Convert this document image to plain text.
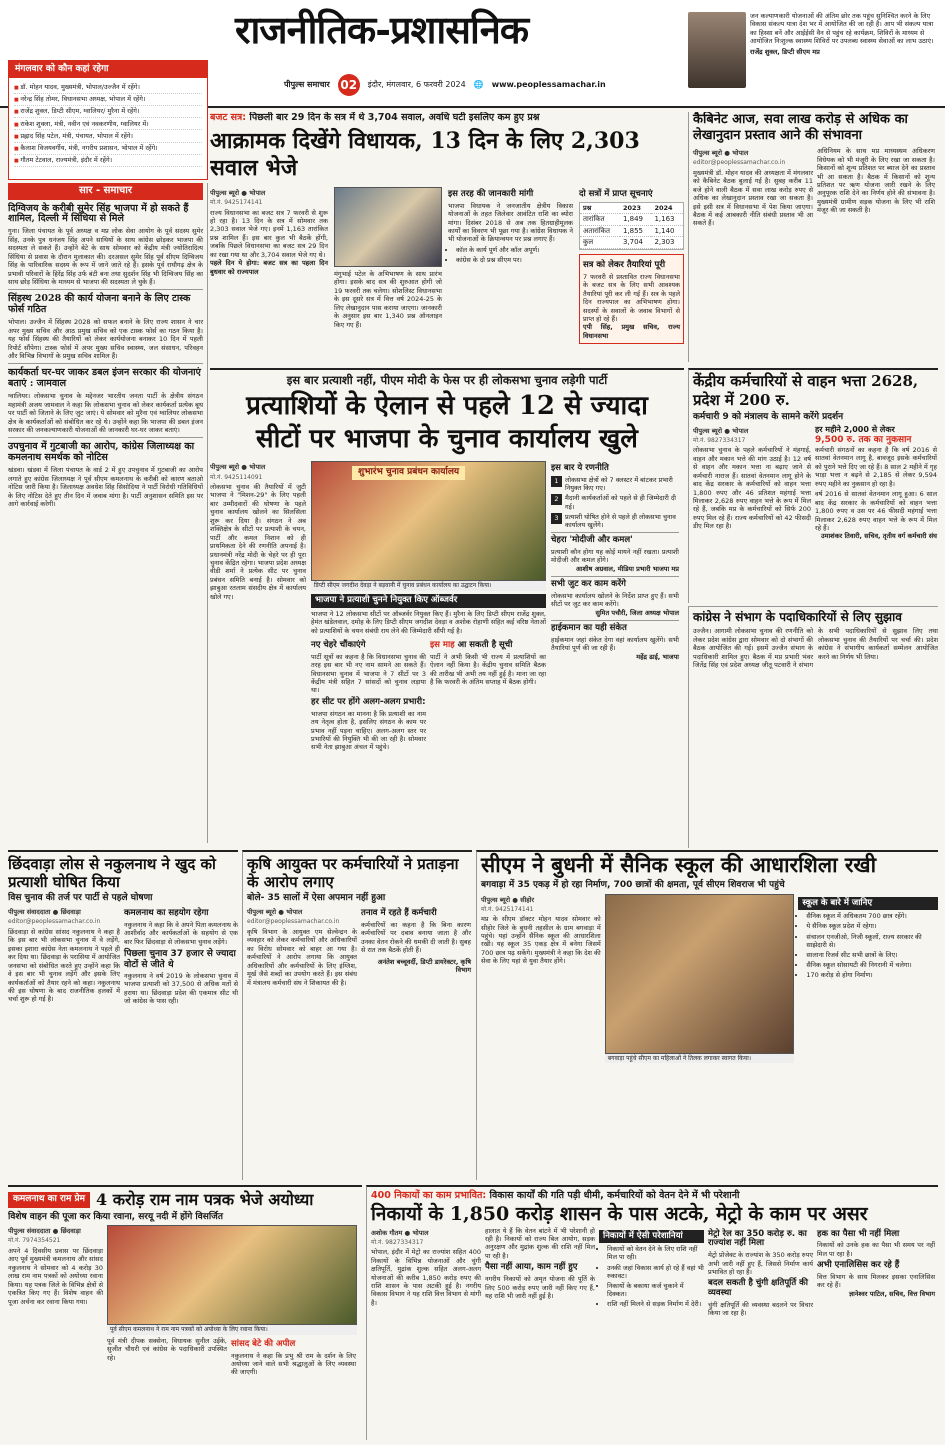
राजनीतिक-प्रशासनिक
पीपुल्स समाचार 02	इंदौर, मंगलवार, 6 फरवरी 2024 🌐 www.peoplessamachar.in
जन कल्याणकारी योजनाओं की अंतिम छोर तक पहुंच सुनिश्चित करने के लिए विकास संकल्प यात्रा देश भर में आयोजित की जा रही है। आप भी संकल्प यात्रा का हिस्सा बनें और आईईसी वैन से पहुंच रहे कार्यक्रम, शिविरों के माध्यम से आयोजित निःशुल्क स्वास्थ्य शिविरों पर उपलब्ध स्वास्थ्य सेवाओं का लाभ उठाएं।
राजेंद्र शुक्ल, डिप्टी सीएम मप्र
मंगलवार को कौन कहां रहेगा
■ डॉ. मोहन यादव, मुख्यमंत्री, भोपाल/उज्जैन में रहेंगे।
■ नरेन्द्र सिंह तोमर, विधानसभा अध्यक्ष, भोपाल में रहेंगे।
■ राजेंद्र शुक्ल, डिप्टी सीएम, ग्वालियर/ मुरैना में रहेंगे।
■ राकेश शुक्ला, मंत्री, नवीन एवं नवकरणीय, ग्वालियर में।
■ प्रह्लाद सिंह पटेल, मंत्री, पंचायत, भोपाल में रहेंगे।
■ कैलाश विजयवर्गीय, मंत्री, नगरीय प्रशासन, भोपाल में रहेंगे।
■ गौतम टेटवाल, राज्यमंत्री, इंदौर में रहेंगे।
सार - समाचार
दिग्विजय के करीबी सुमेर सिंह भाजपा में हो सकते हैं शामिल, दिल्ली में सिंधिया से मिले
गुना। जिला पंचायत के पूर्व अध्यक्ष व मप्र लोक सेवा आयोग के पूर्व सदस्य सुमेर सिंह, उनके पुत्र धनंजय सिंह अपने साथियों के साथ कांग्रेस छोड़कर भाजपा की सदस्यता ले सकते हैं। उन्होंने बेटे के साथ सोमवार को केंद्रीय मंत्री ज्योतिरादित्य सिंधिया से प्रवास के दौरान मुलाकात की। दरअसल सुमेर सिंह पूर्व सीएम दिग्विजय सिंह के पारिवारिक सदस्य के रूप में जाने जाते रहे हैं। इसके पूर्व राघौगढ़ क्षेत्र के प्रभावी परिवारों के हिरेंद्र सिंह उर्फ बंटी बना तथा सुदर्शन सिंह भी दिग्विजय सिंह का साथ छोड़ सिंधिया के माध्यम से भाजपा की सदस्यता ले चुके हैं।
सिंहस्थ 2028 की कार्य योजना बनाने के लिए टास्क फोर्स गठित
भोपाल। उज्जैन में सिंहस्थ 2028 को सफल बनाने के लिए राज्य शासन ने चार अपर मुख्य सचिव और आठ प्रमुख सचिव को एक टास्क फोर्स का गठन किया है। यह फोर्स सिंहस्थ की तैयारियों को लेकर कार्ययोजना बनाकर 10 दिन में पहली रिपोर्ट सौंपेगा। टास्क फोर्स में अपर मुख्य सचिव स्वास्थ्य, जल संसाधन, परिवहन और विभिन्न विभागों के प्रमुख सचिव शामिल हैं।
कार्यकर्ता घर-घर जाकर डबल इंजन सरकार की योजनाएं बताएं : जामवाल
ग्वालियर। लोकसभा चुनाव के मद्देनजर भारतीय जनता पार्टी के क्षेत्रीय संगठन महामंत्री अजय जामवाल ने कहा कि लोकसभा चुनाव को लेकर कार्यकर्ता प्रत्येक बूथ पर पार्टी को जिताने के लिए जुट जाएं। ये सोमवार को मुरैना एवं ग्वालियर लोकसभा क्षेत्र के कार्यकर्ताओं को संबोधित कर रहे थे। उन्होंने कहा कि भाजपा की डबल इंजन सरकार की जनकल्याणकारी योजनाओं की जानकारी घर-घर जाकर बताएं।
उपचुनाव में गुटबाजी का आरोप, कांग्रेस जिलाध्यक्ष का कमलनाथ समर्थक को नोटिस
खंडवा। खंडवा में जिला पंचायत के वार्ड 2 में हुए उपचुनाव में गुटबाजी का आरोप लगाते हुए कांग्रेस जिलाध्यक्ष ने पूर्व सीएम कमलनाथ के करीबी को कारण बताओ नोटिस जारी किया है। जिलाध्यक्ष अवधेश सिंह सिसोदिया ने पार्टी विरोधी गतिविधियों के लिए नोटिस देते हुए तीन दिन में जवाब मांगा है। पार्टी अनुशासन समिति इस पर आगे कार्रवाई करेगी।
बजट सत्र: पिछली बार 29 दिन के सत्र में थे 3,704 सवाल, अवधि घटी इसलिए कम हुए प्रश्न
आक्रामक दिखेंगे विधायक, 13 दिन के लिए 2,303 सवाल भेजे
पीपुल्स ब्यूरो ● भोपाल
मो.नं. 9425174141
राज्य विधानसभा का बजट सत्र 7 फरवरी से शुरू हो रहा है। 13 दिन के सत्र में सोमवार तक 2,303 सवाल भेजे गए। इनमें 1,163 तारांकित प्रश्न शामिल हैं। इस बार कुल भी बैठकें होंगी, जबकि पिछले विधानसभा का बजट सत्र 29 दिन का रखा गया था और 3,704 सवाल भेजे गए थे।
पहले दिन ये होगा: बजट सत्र का पहला दिन बुधवार को राज्यपाल	मंगुभाई पटेल के अभिभाषण के साथ प्रारंभ होगा। इसके बाद सत्र की शुरुआत होगी जो 19 फरवरी तक चलेगा। सोशलिस्ट विधानसभा के इस दूसरे सत्र में वित्त वर्ष 2024-25 के लिए लेखानुदान पास कराया जाएगा। जानकारी के अनुसार इस बार 1,340 प्रश्न ऑनलाइन किए गए हैं।
इस तरह की जानकारी मांगी
भाजपा विधायक ने जनजातीय क्षेत्रीय विकास योजनाओं के तहत जिलेवार आवंटित राशि का ब्योरा मांगा। दिसंबर 2018 से अब तक हितग्राहीमूलक कार्यों का विवरण भी पूछा गया है। कांग्रेस विधायक ने भी योजनाओं के क्रियान्वयन पर प्रश्न लगाए हैं।
• कॉल के कार्य पूर्ण और कॉल अपूर्ण।
• कांग्रेस के दो प्रश्न सीएम पर।
दो सत्रों में प्राप्त सूचनाएं
प्रश्न	2023	2024
तारांकित	1,849	1,163
अतारांकित	1,855	1,140
कुल	3,704	2,303
सत्र को लेकर तैयारियां पूरी
7 फरवरी से प्रस्तावित राज्य विधानसभा के बजट सत्र के लिए सभी आवश्यक तैयारियां पूरी कर ली गई हैं। सत्र के पहले दिन राज्यपाल का अभिभाषण होगा। सदस्यों के सवालों के जवाब विभागों से प्राप्त हो रहे हैं।
एपी सिंह, प्रमुख सचिव, राज्य विधानसभा
कैबिनेट आज, सवा लाख करोड़ से अधिक का लेखानुदान प्रस्ताव आने की संभावना
पीपुल्स ब्यूरो ● भोपाल
editor@peoplessamachar.co.in
मुख्यमंत्री डॉ. मोहन यादव की अध्यक्षता में मंगलवार को कैबिनेट बैठक बुलाई गई है। सुबह करीब 11 बजे होने वाली बैठक में सवा लाख करोड़ रुपए से अधिक का लेखानुदान प्रस्ताव रखा जा सकता है। इसे इसी सत्र में विधानसभा में पेश किया जाएगा। बैठक में कई आबकारी नीति संबंधी प्रस्ताव भी आ सकते हैं।
अधिनियम के साथ मप्र माध्यस्थम अधिकरण विधेयक को भी मंजूरी के लिए रखा जा सकता है। किसानों को शून्य प्रतिशत पर ब्याज देने का प्रस्ताव भी आ सकता है। बैठक में किसानों को शून्य प्रतिशत पर ऋण योजना जारी रखने के लिए अनुपूरक राशि देने का निर्णय होने की संभावना है। मुख्यमंत्री ग्रामीण सड़क योजना के लिए भी राशि मंजूर की जा सकती है।
इस बार प्रत्याशी नहीं, पीएम मोदी के फेस पर ही लोकसभा चुनाव लड़ेगी पार्टी
प्रत्याशियों के ऐलान से पहले 12 से ज्यादा
सीटों पर भाजपा के चुनाव कार्यालय खुले
पीपुल्स ब्यूरो ● भोपाल
मो.नं. 9425114091
लोकसभा चुनाव की तैयारियों में जुटी भाजपा ने "मिशन-29" के लिए पहली बार उम्मीदवारों की घोषणा के पहले चुनाव कार्यालय खोलने का सिलसिला शुरू कर दिया है। संगठन ने अब शक्तिक्षेत्र के सीटों पर प्रत्याशी के चयन, पार्टी और कमल निशान को ही प्राथमिकता देने की रणनीति अपनाई है। प्रधानमंत्री नरेंद्र मोदी के चेहरे पर ही पूरा चुनाव केंद्रित रहेगा। भाजपा प्रदेश अध्यक्ष वीडी शर्मा ने प्रत्येक सीट पर चुनाव प्रबंधन समिति बनाई है। सोमवार को झाबुआ रतलाम संसदीय क्षेत्र में कार्यालय खोले गए।
शुभारंभ चुनाव प्रबंधन कार्यालय
डिप्टी सीएम जगदीश देवड़ा ने बड़वानी में चुनाव प्रबंधन कार्यालय का उद्घाटन किया।
भाजपा ने प्रत्याशी चुनने नियुक्त किए ऑब्जर्वर
भाजपा ने 12 लोकसभा सीटों पर ऑब्जर्वर नियुक्त किए हैं। मुरैना के लिए डिप्टी सीएम राजेंद्र शुक्ल, हेमंत खंडेलवाल, दमोह के लिए डिप्टी सीएम जगदीश देवड़ा व अशोक रोहाणी सहित कई वरिष्ठ नेताओं को प्रत्याशियों के चयन संबंधी राय लेने की जिम्मेदारी सौंपी गई है।
नए चेहरे चौंकाएंगे
पार्टी सूत्रों का कहना है कि विधानसभा चुनाव की तरह इस बार भी नए नाम सामने आ सकते हैं। विधानसभा चुनाव में भाजपा ने 7 सीटों पर 3 केंद्रीय मंत्री सहित 7 सांसदों को चुनाव लड़ाया था।
हर सीट पर होंगे अलग-अलग प्रभारी:
भाजपा संगठन का मानना है कि प्रत्याशी का नाम तय नेतृत्व होता है, इसलिए संगठन के काम पर प्रभाव नहीं पड़ना चाहिए। अलग-अलग स्तर पर प्रभारियों की नियुक्ति भी की जा रही है। सोमवार सभी नेता झाबुआ अंचल में पहुंचे।
इस माह आ सकती है सूची
पार्टी ने अभी किसी भी राज्य में प्रत्याशियों का ऐलान नहीं किया है। केंद्रीय चुनाव समिति बैठक की तारीख भी अभी तय नहीं हुई है। माना जा रहा है कि फरवरी के अंतिम सप्ताह में बैठक होगी।
इस बार ये रणनीति
1 लोकसभा क्षेत्रों को 7 क्लस्टर में बांटकर प्रभारी नियुक्त किए गए।
2 मैदानी कार्यकर्ताओं को पहले से ही जिम्मेदारी दी गई।
3 प्रत्याशी घोषित होने से पहले ही लोकसभा चुनाव कार्यालय खुलेंगे।
चेहरा 'मोदीजी और कमल'
प्रत्याशी कौन होगा यह कोई मायने नहीं रखता। प्रत्याशी मोदीजी और कमल होंगे।
आशीष अग्रवाल, मीडिया प्रभारी भाजपा मप्र
सभी जुट कर काम करेंगे
लोकसभा कार्यालय खोलने के निर्देश प्राप्त हुए हैं। सभी सीटों पर जुट कर काम करेंगे।
सुमित पचौरी, जिला अध्यक्ष भोपाल
हाईकमान का यही संकेत
हाईकमान जहां संकेत देगा वहां कार्यालय खुलेंगे। सभी तैयारियां पूर्ण की जा रही हैं।
महेंद्र ढाई, भाजपा
केंद्रीय कर्मचारियों से वाहन भत्ता 2628, प्रदेश में 200 रु.
कर्मचारी 9 को मंत्रालय के सामने करेंगे प्रदर्शन
पीपुल्स ब्यूरो ● भोपाल
मो.नं. 9827334317
लोकसभा चुनाव के पहले कर्मचारियों ने मंहगाई, वाहन और मकान भत्ते की मांग उठाई है। 12 वर्ष से वाहन और मकान भत्ता ना बढ़ाए जाने से कर्मचारी नाराज हैं। सातवां वेतनमान लागू होने के बाद केंद्र सरकार के कर्मचारियों को वाहन भत्ता 1,800 रुपए और 46 प्रतिशत महंगाई भत्ता मिलाकर 2,628 रुपए वाहन भत्ते के रूप में मिल रहे हैं, जबकि मप्र के कर्मचारियों को सिर्फ 200 रुपए मिल रहे हैं। राज्य कर्मचारियों को 42 फीसदी डीए मिल रहा है।
हर महीने 2,000 से लेकर
9,500 रु. तक का नुकसान
कर्मचारी संगठनों का कहना है कि वर्ष 2016 से सातवां वेतनमान लागू है, बावजूद इसके कर्मचारियों को पुराने भत्ते दिए जा रहे हैं। 8 साल 2 महीने में गृह भाड़ा भत्ता न बढ़ने से 2,185 से लेकर 9,594 रुपए महीने का नुकसान हो रहा है।
वर्ष 2016 से सातवां वेतनमान लागू हुआ। 6 साल बाद केंद्र सरकार के कर्मचारियों को वाहन भत्ता 1,800 रुपए व उस पर 46 फीसदी महंगाई भत्ता मिलाकर 2,628 रुपए वाहन भत्ते के रूप में मिल रहे हैं।
उमाशंकर तिवारी, सचिव, तृतीय वर्ग कर्मचारी संघ
कांग्रेस ने संभाग के पदाधिकारियों से लिए सुझाव
उज्जैन। आगामी लोकसभा चुनाव की रणनीति को लेकर प्रदेश कांग्रेस द्वारा सोमवार को दो संभागों की बैठक आयोजित की गई। इसमें उज्जैन संभाग के पदाधिकारी शामिल हुए। बैठक में मप्र प्रभारी भंवर जितेंद्र सिंह एवं प्रदेश अध्यक्ष जीतू पटवारी ने संभाग के सभी पदाधिकारियों से सुझाव लिए तथा लोकसभा चुनाव की तैयारियों पर चर्चा की। प्रदेश कांग्रेस ने संभागीय कार्यकर्ता सम्मेलन आयोजित करने का निर्णय भी लिया।
छिंदवाड़ा लोस से नकुलनाथ ने खुद को प्रत्याशी घोषित किया
विस चुनाव की तर्ज पर पार्टी से पहले घोषणा
पीपुल्स संवाददाता ● छिंदवाड़ा
editor@peoplessamachar.co.in
छिंदवाड़ा से कांग्रेस सांसद नकुलनाथ ने कहा है कि इस बार भी लोकसभा चुनाव में वे लड़ेंगे, इसका इशारा कांग्रेस नेता कमलनाथ ने पहले ही कर दिया था। छिंदवाड़ा के परासिया में आयोजित जनसभा को संबोधित करते हुए उन्होंने कहा कि वे इस बार भी चुनाव लड़ेंगे और इसके लिए कार्यकर्ताओं को तैयार रहने को कहा। नकुलनाथ की इस घोषणा के बाद राजनीतिक हलकों में चर्चा शुरू हो गई है।
कमलनाथ का सहयोग रहेगा
नकुलनाथ ने कहा कि वे अपने पिता कमलनाथ के आशीर्वाद और कार्यकर्ताओं के सहयोग से एक बार फिर छिंदवाड़ा से लोकसभा चुनाव लड़ेंगे।
पिछला चुनाव 37 हजार से ज्यादा वोटों से जीते थे
नकुलनाथ ने वर्ष 2019 के लोकसभा चुनाव में भाजपा प्रत्याशी को 37,500 से अधिक मतों से हराया था। छिंदवाड़ा प्रदेश की एकमात्र सीट थी जो कांग्रेस के पास रही।
कृषि आयुक्त पर कर्मचारियों ने प्रताड़ना के आरोप लगाए
बोले- 35 सालों में ऐसा अपमान नहीं हुआ
पीपुल्स ब्यूरो ● भोपाल
editor@peoplessamachar.co.in
कृषि विभाग के आयुक्त एम सेल्वेन्द्रन के व्यवहार को लेकर कर्मचारियों और अधिकारियों का विरोध सोमवार को बाहर आ गया है। कर्मचारियों ने आरोप लगाया कि आयुक्त अधिकारियों और कर्मचारियों के लिए इंग्लिश, मूर्ख जैसे शब्दों का उपयोग करते हैं। इस संबंध में मंत्रालय कर्मचारी संघ ने शिकायत की है।
तनाव में रहते हैं कर्मचारी
कर्मचारियों का कहना है कि बिना कारण कर्मचारियों पर दबाव बनाया जाता है और उनका वेतन रोकने की धमकी दी जाती है। सुबह से रात तक बैठकें होती हैं।
अनंतेश बच्चूवर्दी, डिप्टी डायरेक्टर, कृषि विभाग
सीएम ने बुधनी में सैनिक स्कूल की आधारशिला रखी
बगवाड़ा में 35 एकड़ में हो रहा निर्माण, 700 छात्रों की क्षमता, पूर्व सीएम शिवराज भी पहुंचे
पीपुल्स ब्यूरो ● सीहोर
मो.नं. 9425174141
मप्र के सीएम डॉक्टर मोहन यादव सोमवार को सीहोर जिले के बुधनी तहसील के ग्राम बगवाड़ा में पहुंचे। यहां उन्होंने सैनिक स्कूल की आधारशिला रखी। यह स्कूल 35 एकड़ क्षेत्र में बनेगा जिसमें 700 छात्र पढ़ सकेंगे। मुख्यमंत्री ने कहा कि देश की सेवा के लिए यहां से युवा तैयार होंगे।
बगवाड़ा पहुंचे सीएम का महिलाओं ने तिलक लगाकर स्वागत किया।
स्कूल के बारे में जानिए
• सैनिक स्कूल में अधिकतम 700 छात्र रहेंगे।
• ये सैनिक स्कूल प्रदेश में रहेगा।
• संचालन एनजीओ, निजी स्कूलों, राज्य सरकार की साझेदारी से।
• सालाना रिजर्व सीट सभी छात्रों के लिए।
• सैनिक स्कूल सोसायटी की निगरानी में चलेगा।
• 170 करोड़ से होगा निर्माण।
कमलनाथ का राम प्रेम 4 करोड़ राम नाम पत्रक भेजे अयोध्या
विशेष वाहन की पूजा कर किया रवाना, सरयू नदी में होंगे विसर्जित
पीपुल्स संवाददाता ● छिंदवाड़ा
मो.नं. 7974354521
अपने 4 दिवसीय प्रवास पर छिंदवाड़ा आए पूर्व मुख्यमंत्री कमलनाथ और सांसद नकुलनाथ ने सोमवार को 4 करोड़ 30 लाख राम नाम पत्रकों को अयोध्या रवाना किया। यह पत्रक जिले के विभिन्न क्षेत्रों से एकत्रित किए गए हैं। विशेष वाहन की पूजा अर्चना कर रवाना किया गया।
पूर्व सीएम कमलनाथ ने राम नाम पत्रकों को अयोध्या के लिए रवाना किया।
पूर्व मंत्री दीपक सक्सेना, विधायक सुनील उईके, सुजीत चौधरी एवं कांग्रेस के पदाधिकारी उपस्थित रहे।
सांसद बेटे की अपील
नकुलनाथ ने कहा कि प्रभु श्री राम के दर्शन के लिए अयोध्या जाने वाले सभी श्रद्धालुओं के लिए व्यवस्था की जाएगी।
400 निकायों का काम प्रभावित: विकास कार्यों की गति पड़ी धीमी, कर्मचारियों को वेतन देने में भी परेशानी
निकायों के 1,850 करोड़ शासन के पास अटके, मेट्रो के काम पर असर
अशोक गौतम ● भोपाल
मो.नं. 9827334317
भोपाल, इंदौर में मेट्रो का राज्यांश सहित 400 निकायों के विभिन्न योजनाओं और चुंगी क्षतिपूर्ति, मुद्रांक शुल्क सहित अलग-अलग योजनाओं की करीब 1,850 करोड़ रुपए की राशि शासन के पास अटकी हुई है। नगरीय विकास विभाग ने यह राशि वित्त विभाग से मांगी है।
हालात ये हैं कि वेतन बांटने में भी परेशानी हो रही है। निकायों को राज्य बिल आयोग, सड़क अनुरक्षण और मुद्रांक शुल्क की राशि नहीं मिल पा रही है।
पैसा नहीं आया, काम नहीं हुए
नगरीय निकायों को अमृत योजना की पूर्ति के लिए 500 करोड़ रुपए जारी नहीं किए गए हैं, यह राशि भी जारी नहीं हुई है।
निकायों में ऐसी परेशानियां
• निकायों को वेतन देने के लिए राशि नहीं मिल पा रही।
• उनकी जहां विकास कार्य हो रहे हैं वहां भी रुकावट।
• निकायों के बकाया कर्ज चुकाने में दिक्कत।
• राशि नहीं मिलने से सड़क निर्माण में देरी।
मेट्रो रेल का 350 करोड़ रु. का राज्यांश नहीं मिला
मेट्रो प्रोजेक्ट के राज्यांश के 350 करोड़ रुपए अभी जारी नहीं हुए हैं, जिससे निर्माण कार्य प्रभावित हो रहा है।
बदल सकती है चुंगी क्षतिपूर्ति की व्यवस्था
चुंगी क्षतिपूर्ति की व्यवस्था बदलने पर विचार किया जा रहा है।
हक का पैसा भी नहीं मिला
निकायों को उनके हक का पैसा भी समय पर नहीं मिल पा रहा है।
अभी एनालिसिस कर रहे हैं
वित्त विभाग के साथ मिलकर इसका एनालिसिस कर रहे हैं।
ज्ञानेश्वर पाटिल, सचिव, वित्त विभाग
